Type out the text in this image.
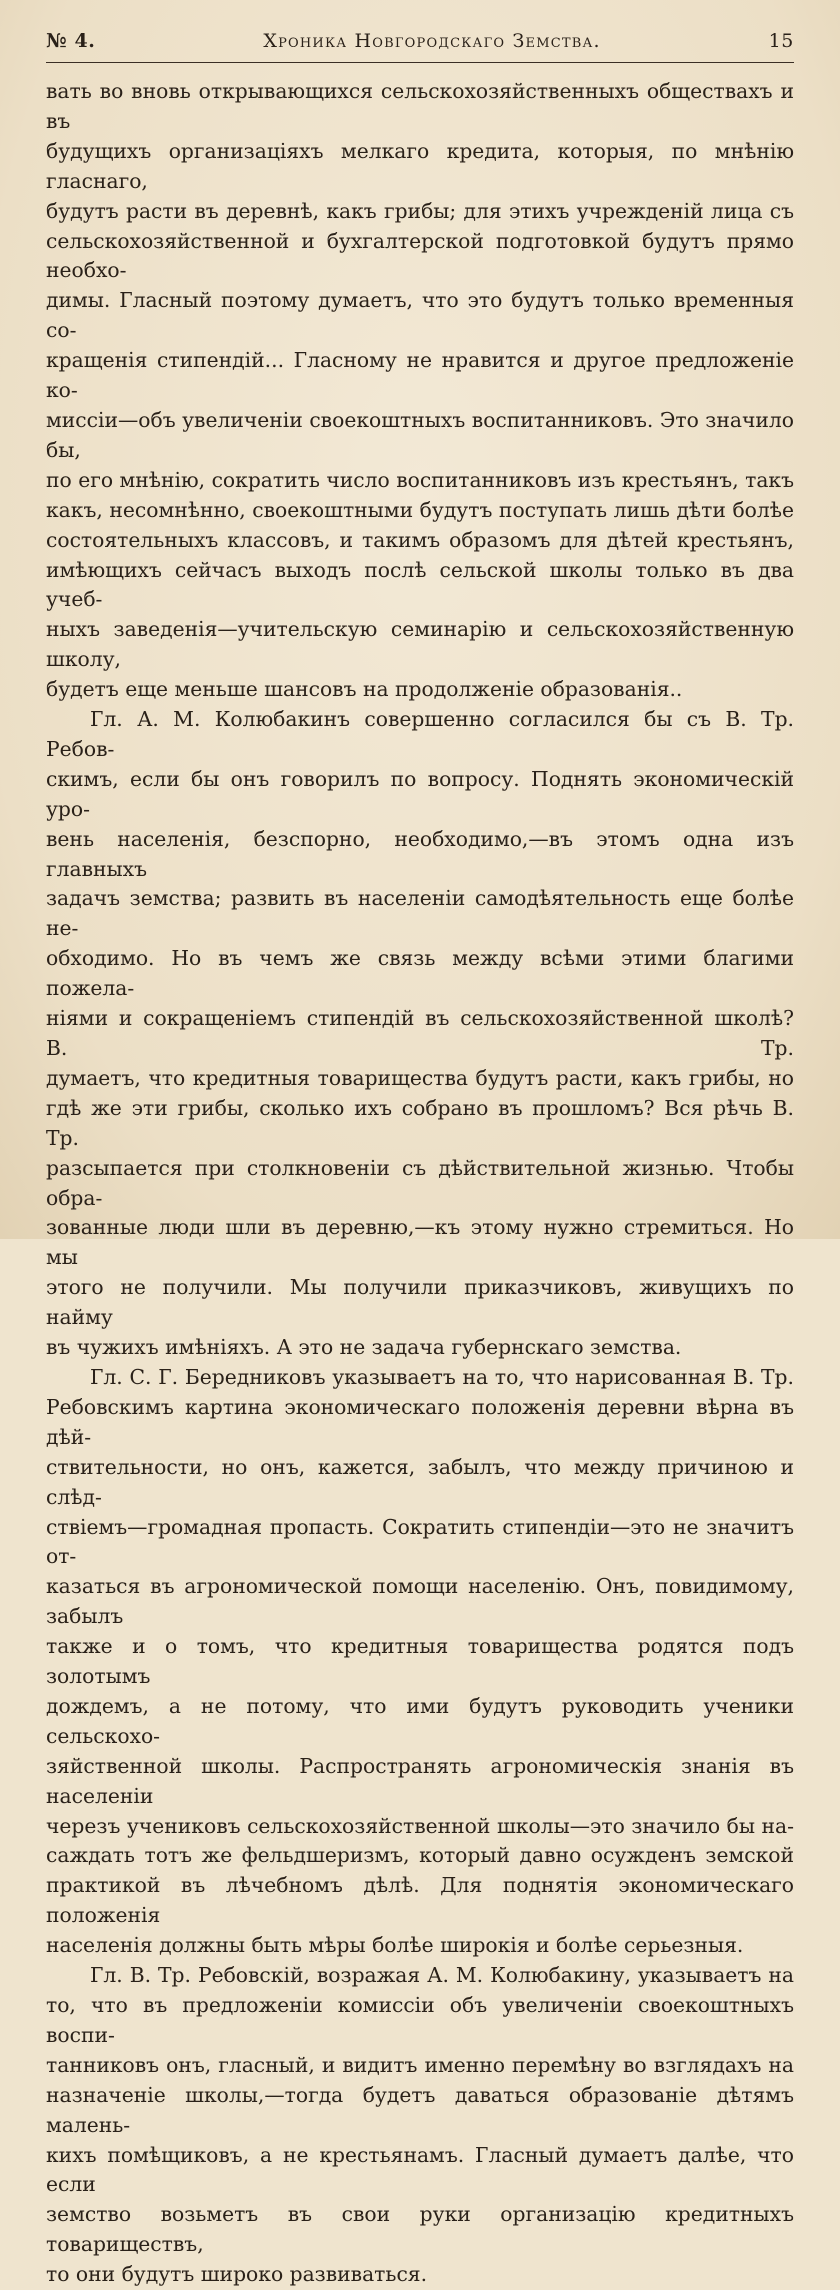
№ 4.	Хроника Новгородскаго Земства.	15

вать во вновь открывающихся сельскохозяйственныхъ обществахъ и въ

будущихъ организацiяхъ мелкаго кредита, которыя, по мнѣнiю гласнаго,

будутъ расти въ деревнѣ, какъ грибы; для этихъ учрежденiй лица съ

сельскохозяйственной и бухгалтерской подготовкой будутъ прямо необхо-

димы. Гласный поэтому думаетъ, что это будутъ только временныя со-

кращенiя стипендiй... Гласному не нравится и другое предложенiе ко-

миссiи—объ увеличенiи своекоштныхъ воспитанниковъ. Это значило бы,

по его мнѣнiю, сократить число воспитанниковъ изъ крестьянъ, такъ

какъ, несомнѣнно, своекоштными будутъ поступать лишь дѣти болѣе

состоятельныхъ классовъ, и такимъ образомъ для дѣтей крестьянъ,

имѣющихъ сейчасъ выходъ послѣ сельской школы только въ два учеб-

ныхъ заведенiя—учительскую семинарiю и сельскохозяйственную школу,

будетъ еще меньше шансовъ на продолженiе образованiя..

Гл. А. М. Колюбакинъ совершенно согласился бы съ В. Тр. Ребов-

скимъ, если бы онъ говорилъ по вопросу. Поднять экономическiй уро-

вень населенiя, безспорно, необходимо,—въ этомъ одна изъ главныхъ

задачъ земства; развить въ населенiи самодѣятельность еще болѣе не-

обходимо. Но въ чемъ же связь между всѣми этими благими пожела-

нiями и сокращенiемъ стипендiй въ сельскохозяйственной школѣ? В. Тр.

думаетъ, что кредитныя товарищества будутъ расти, какъ грибы, но

гдѣ же эти грибы, сколько ихъ собрано въ прошломъ? Вся рѣчь В. Тр.

разсыпается при столкновенiи съ дѣйствительной жизнью. Чтобы обра-

зованные люди шли въ деревню,—къ этому нужно стремиться. Но мы

этого не получили. Мы получили приказчиковъ, живущихъ по найму

въ чужихъ имѣнiяхъ. А это не задача губернскаго земства.

Гл. С. Г. Бередниковъ указываетъ на то, что нарисованная В. Тр.

Ребовскимъ картина экономическаго положенiя деревни вѣрна въ дѣй-

ствительности, но онъ, кажется, забылъ, что между причиною и слѣд-

ствiемъ—громадная пропасть. Сократить стипендiи—это не значитъ от-

казаться въ агрономической помощи населенiю. Онъ, повидимому, забылъ

также и о томъ, что кредитныя товарищества родятся подъ золотымъ

дождемъ, а не потому, что ими будутъ руководить ученики сельскохо-

зяйственной школы. Распространять агрономическiя знанiя въ населенiи

черезъ учениковъ сельскохозяйственной школы—это значило бы на-

саждать тотъ же фельдшеризмъ, который давно осужденъ земской

практикой въ лѣчебномъ дѣлѣ. Для поднятiя экономическаго положенiя

населенiя должны быть мѣры болѣе широкiя и болѣе серьезныя.

Гл. В. Тр. Ребовскiй, возражая А. М. Колюбакину, указываетъ на

то, что въ предложенiи комиссiи объ увеличенiи своекоштныхъ воспи-

танниковъ онъ, гласный, и видитъ именно перемѣну во взглядахъ на

назначенiе школы,—тогда будетъ даваться образованiе дѣтямъ малень-

кихъ помѣщиковъ, а не крестьянамъ. Гласный думаетъ далѣе, что если

земство возьметъ въ свои руки организацiю кредитныхъ товариществъ,

то они будутъ широко развиваться.
